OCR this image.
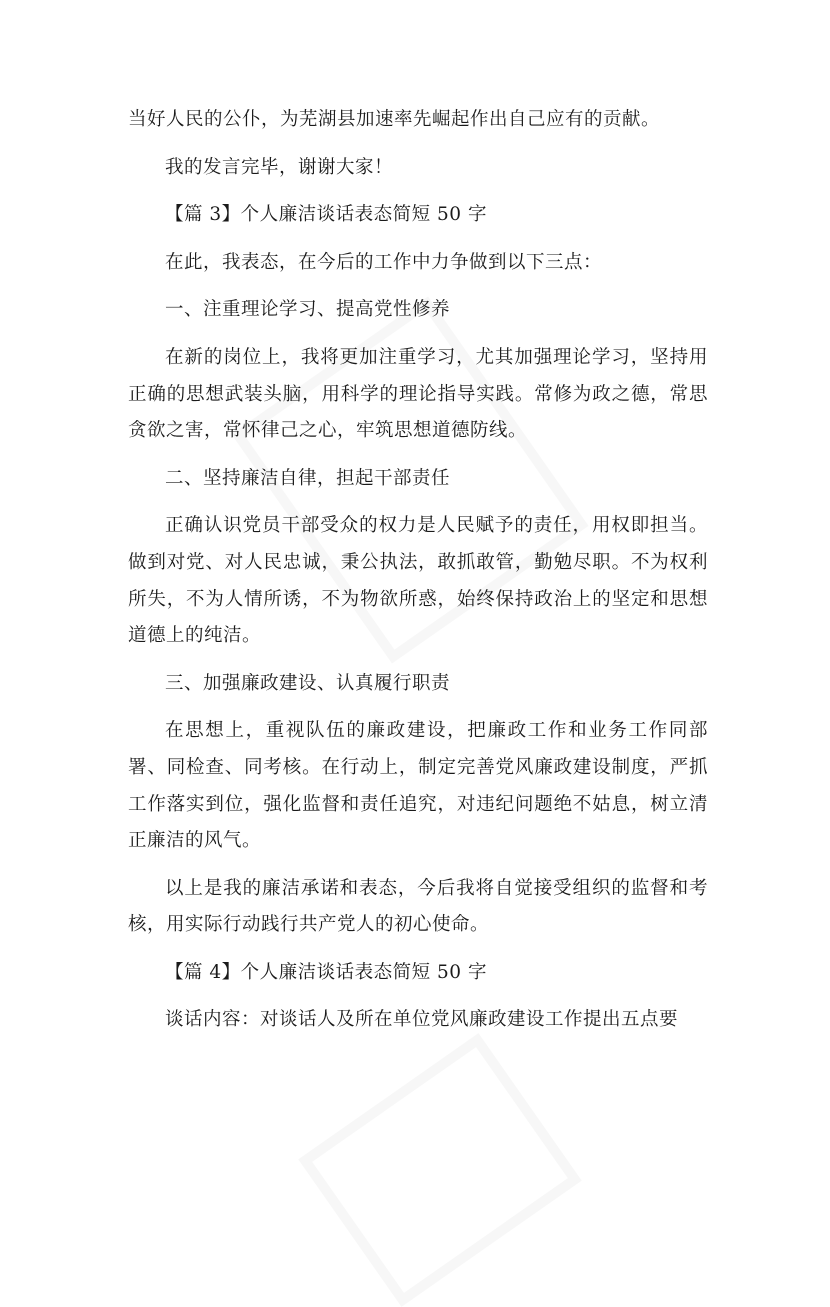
当好人民的公仆，为芜湖县加速率先崛起作出自己应有的贡献。

我的发言完毕，谢谢大家！

【篇 3】个人廉洁谈话表态简短 50 字

在此，我表态，在今后的工作中力争做到以下三点：

一、注重理论学习、提高党性修养

在新的岗位上，我将更加注重学习，尤其加强理论学习，坚持用正确的思想武装头脑，用科学的理论指导实践。常修为政之德，常思贪欲之害，常怀律己之心，牢筑思想道德防线。

二、坚持廉洁自律，担起干部责任

正确认识党员干部受众的权力是人民赋予的责任，用权即担当。做到对党、对人民忠诚，秉公执法，敢抓敢管，勤勉尽职。不为权利所失，不为人情所诱，不为物欲所惑，始终保持政治上的坚定和思想道德上的纯洁。

三、加强廉政建设、认真履行职责

在思想上，重视队伍的廉政建设，把廉政工作和业务工作同部署、同检查、同考核。在行动上，制定完善党风廉政建设制度，严抓工作落实到位，强化监督和责任追究，对违纪问题绝不姑息，树立清正廉洁的风气。

以上是我的廉洁承诺和表态，今后我将自觉接受组织的监督和考核，用实际行动践行共产党人的初心使命。

【篇 4】个人廉洁谈话表态简短 50 字

谈话内容：对谈话人及所在单位党风廉政建设工作提出五点要
